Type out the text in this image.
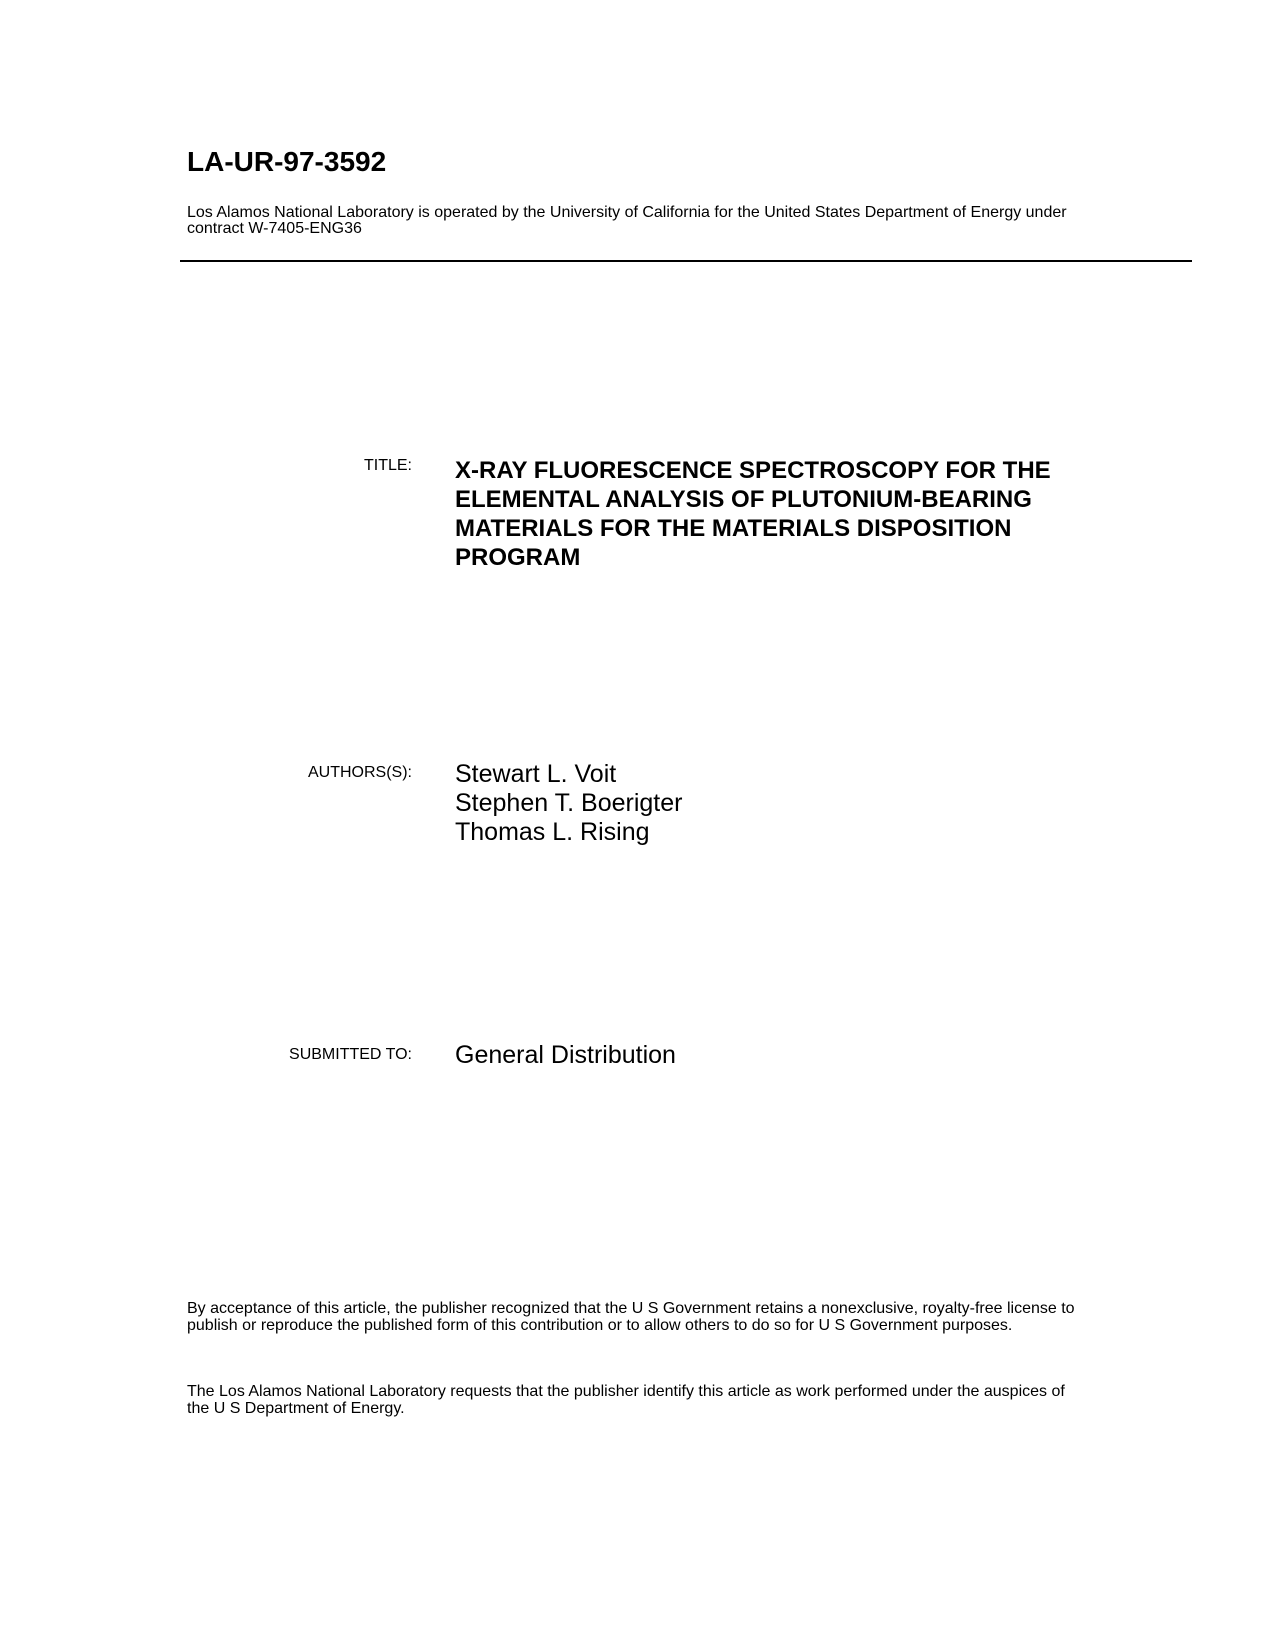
LA-UR-97-3592

Los Alamos National Laboratory is operated by the University of California for the United States Department of Energy under contract W-7405-ENG36

TITLE: X-RAY FLUORESCENCE SPECTROSCOPY FOR THE ELEMENTAL ANALYSIS OF PLUTONIUM-BEARING MATERIALS FOR THE MATERIALS DISPOSITION PROGRAM
AUTHORS(S): Stewart L. Voit
Stephen T. Boerigter
Thomas L. Rising
SUBMITTED TO: General Distribution

By acceptance of this article, the publisher recognized that the U S Government retains a nonexclusive, royalty-free license to publish or reproduce the published form of this contribution or to allow others to do so for U S Government purposes.

The Los Alamos National Laboratory requests that the publisher identify this article as work performed under the auspices of the U S Department of Energy.
